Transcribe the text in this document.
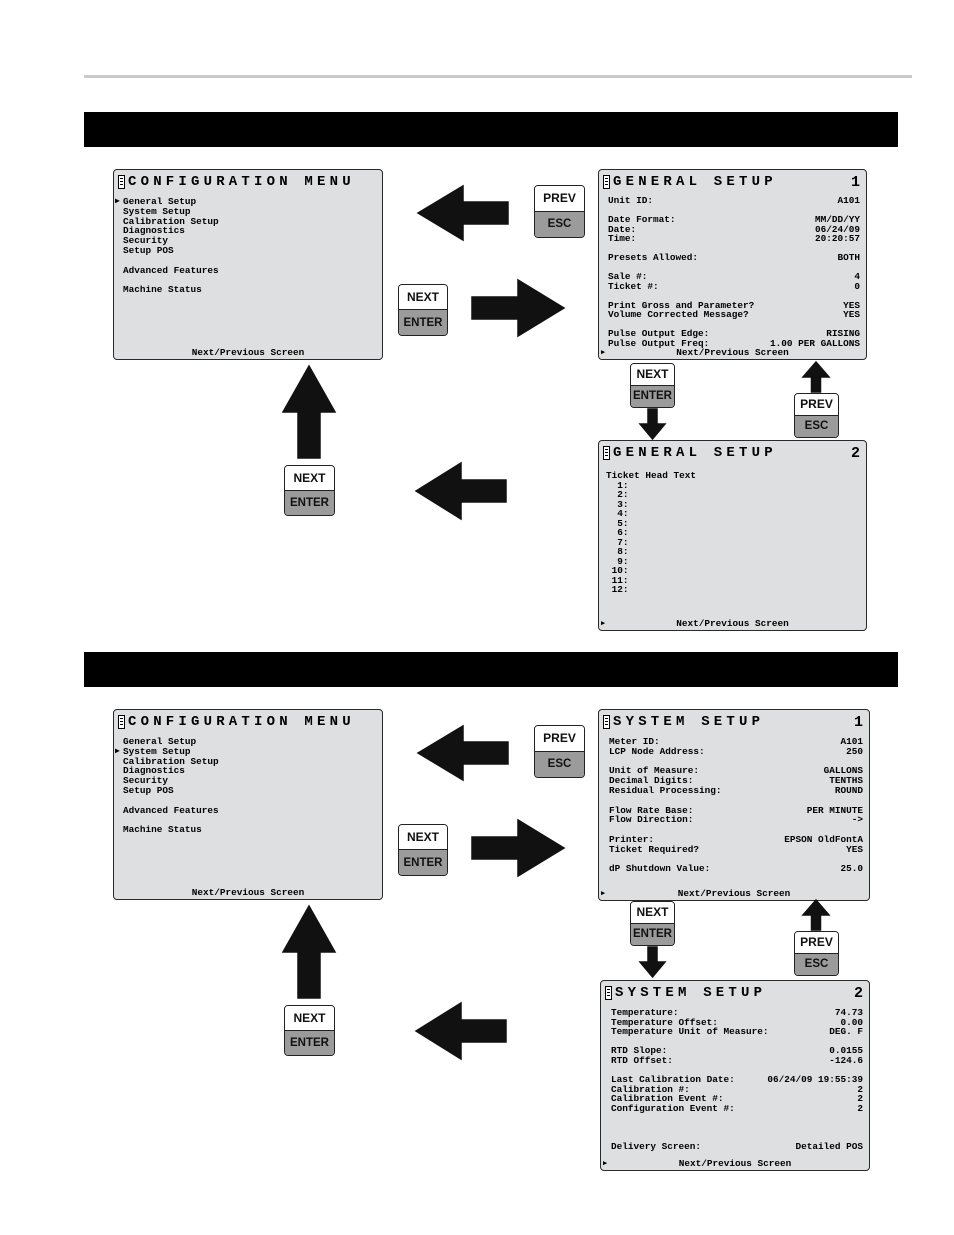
CONFIGURATION MENU
General Setup
▶
System Setup
Calibration Setup
Diagnostics
Security
Setup POS
Advanced Features
Machine Status
Next/Previous Screen
GENERAL SETUP	1
Unit ID:	A101
Date Format:	MM/DD/YY
Date:	06/24/09
Time:	20:20:57
Presets Allowed:	BOTH
Sale #:	4
Ticket #:	0
Print Gross and Parameter?	YES
Volume Corrected Message?	YES
Pulse Output Edge:	RISING
Pulse Output Freq:	1.00 PER GALLONS
Next/Previous Screen
▶
GENERAL SETUP	2
Ticket Head Text
1:
2:
3:
4:
5:
6:
7:
8:
9:
10:
11:
12:
Next/Previous Screen
▶
PREV
ESC
NEXT
ENTER
NEXT
ENTER
NEXT
ENTER
PREV
ESC
CONFIGURATION MENU
General Setup
System Setup
▶
Calibration Setup
Diagnostics
Security
Setup POS
Advanced Features
Machine Status
Next/Previous Screen
SYSTEM SETUP	1
Meter ID:	A101
LCP Node Address:	250
Unit of Measure:	GALLONS
Decimal Digits:	TENTHS
Residual Processing:	ROUND
Flow Rate Base:	PER MINUTE
Flow Direction:	->
Printer:	EPSON OldFontA
Ticket Required?	YES
dP Shutdown Value:	25.0
Next/Previous Screen
▶
SYSTEM SETUP	2
Temperature:	74.73
Temperature Offset:	0.00
Temperature Unit of Measure:	DEG. F
RTD Slope:	0.0155
RTD Offset:	-124.6
Last Calibration Date:	06/24/09 19:55:39
Calibration #:	2
Calibration Event #:	2
Configuration Event #:	2
Delivery Screen:	Detailed POS
Next/Previous Screen
▶
PREV
ESC
NEXT
ENTER
NEXT
ENTER
NEXT
ENTER
PREV
ESC
